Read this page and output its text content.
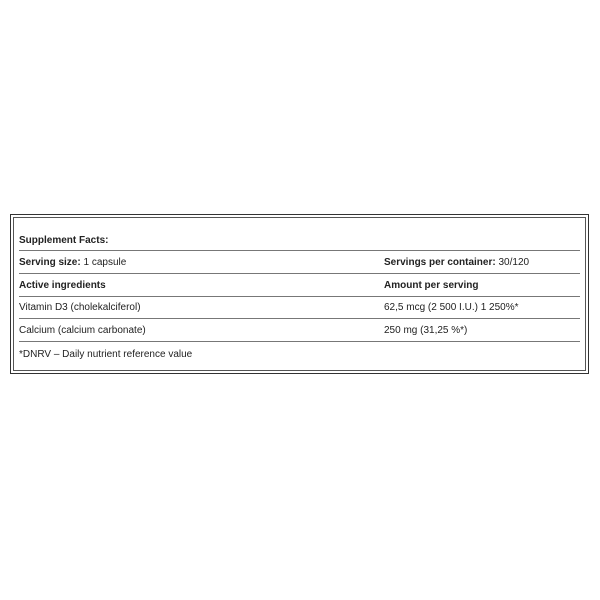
Supplement Facts:
Serving size: 1 capsule	Servings per container: 30/120
Active ingredients	Amount per serving
Vitamin D3 (cholekalciferol)	62,5 mcg (2 500 I.U.) 1 250%*
Calcium (calcium carbonate)	250 mg (31,25 %*)
*DNRV – Daily nutrient reference value
